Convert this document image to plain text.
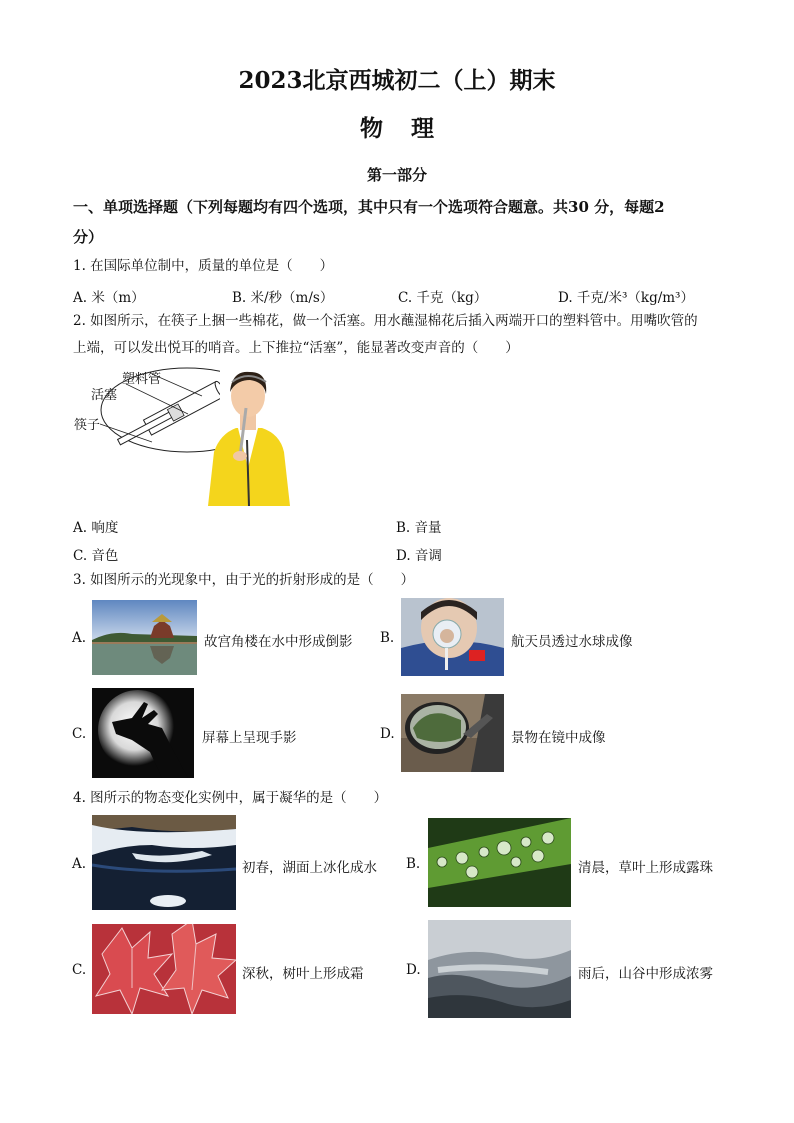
2023北京西城初二（上）期末
物理
第一部分
一、单项选择题（下列每题均有四个选项，其中只有一个选项符合题意。共30 分，每题2
分）
1. 在国际单位制中，质量的单位是（　　）
A. 米（m）	B. 米/秒（m/s）	C. 千克（kg）	D. 千克/米³（kg/m³）
2. 如图所示，在筷子上捆一些棉花，做一个活塞。用水蘸湿棉花后插入两端开口的塑料管中。用嘴吹管的
上端，可以发出悦耳的哨音。上下推拉“活塞”，能显著改变声音的（　　）
塑料管
活塞
筷子
A. 响度	B. 音量
C. 音色	D. 音调
3. 如图所示的光现象中，由于光的折射形成的是（　　）
A.	故宫角楼在水中形成倒影 B.	航天员透过水球成像
C.	屏幕上呈现手影	D.	景物在镜中成像
4. 图所示的物态变化实例中，属于凝华的是（　　）
A.	初春，湖面上冰化成水 B.	清晨，草叶上形成露珠
C.	深秋，树叶上形成霜	D.	雨后，山谷中形成浓雾
